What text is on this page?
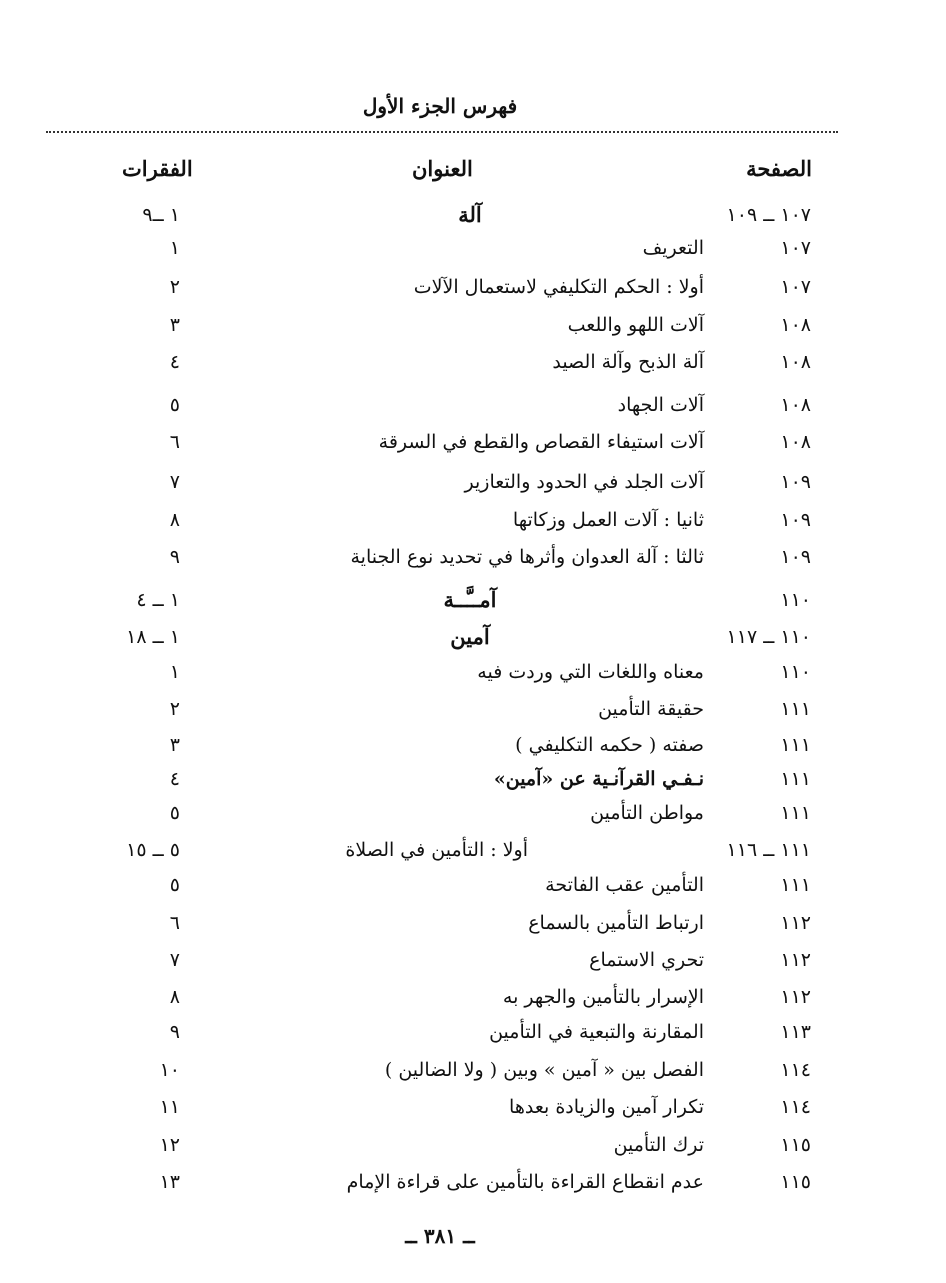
فهرس الجزء الأول
الصفحة
العنوان
الفقرات
١٠٧ ــ ١٠٩
آلة
١ ــ٩
١٠٧
التعريف
١
١٠٧
أولا : الحكم التكليفي لاستعمال الآلات
٢
١٠٨
آلات اللهو واللعب
٣
١٠٨
آلة الذبح وآلة الصيد
٤
١٠٨
آلات الجهاد
٥
١٠٨
آلات استيفاء القصاص والقطع في السرقة
٦
١٠٩
آلات الجلد في الحدود والتعازير
٧
١٠٩
ثانيا : آلات العمل وزكاتها
٨
١٠٩
ثالثا : آلة العدوان وأثرها في تحديد نوع الجناية
٩
١١٠
آمــَّــة
١ ــ ٤
١١٠ ــ ١١٧
آمين
١ ــ ١٨
١١٠
معناه واللغات التي وردت فيه
١
١١١
حقيقة التأمين
٢
١١١
صفته ( حكمه التكليفي )
٣
١١١
نـفـي القرآنـية عن «آمين»
٤
١١١
مواطن التأمين
٥
١١١ ــ ١١٦
أولا : التأمين في الصلاة
٥ ــ ١٥
١١١
التأمين عقب الفاتحة
٥
١١٢
ارتباط التأمين بالسماع
٦
١١٢
تحري الاستماع
٧
١١٢
الإسرار بالتأمين والجهر به
٨
١١٣
المقارنة والتبعية في التأمين
٩
١١٤
الفصل بين « آمين » وبين ( ولا الضالين )
١٠
١١٤
تكرار آمين والزيادة بعدها
١١
١١٥
ترك التأمين
١٢
١١٥
عدم انقطاع القراءة بالتأمين على قراءة الإمام
١٣
ــ ٣٨١ ــ
